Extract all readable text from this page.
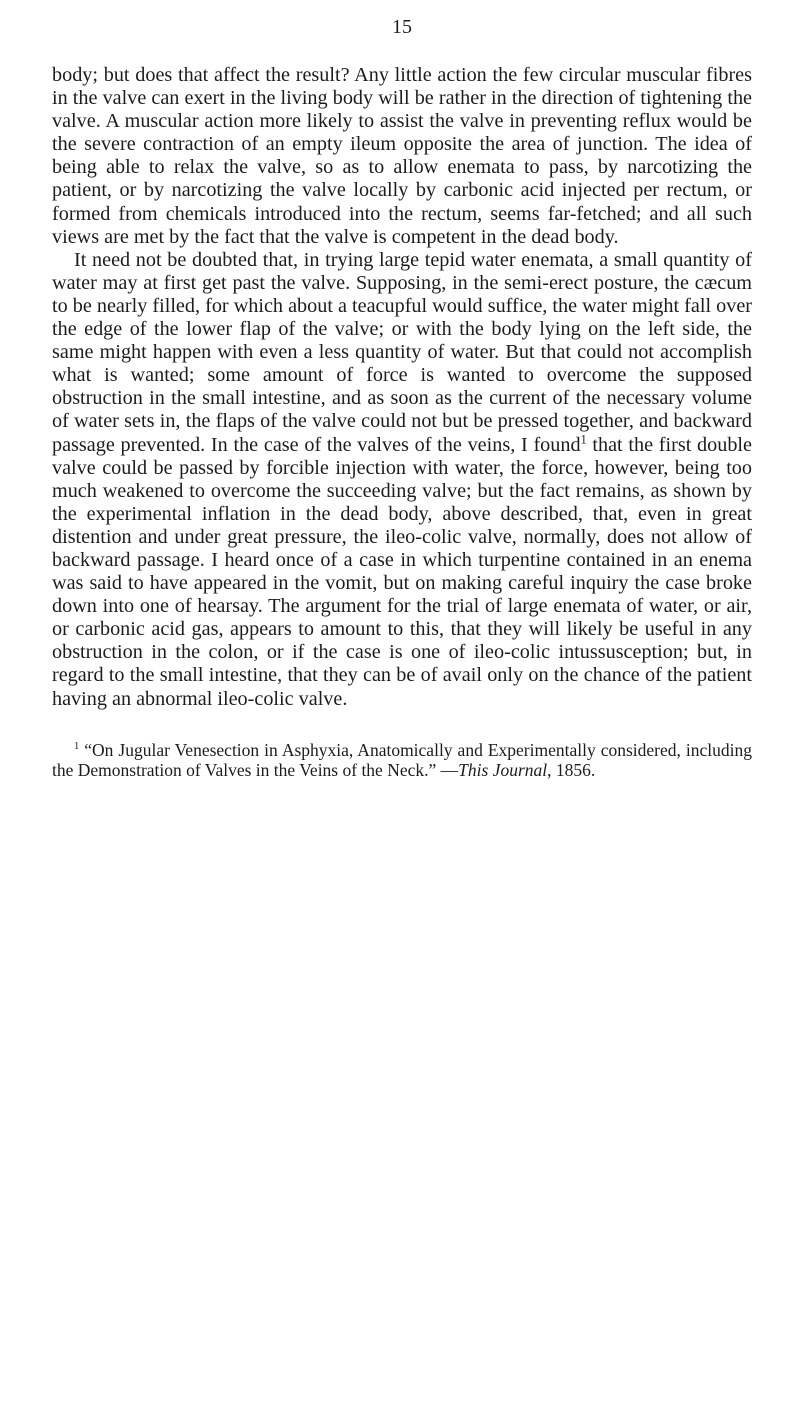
15

body; but does that affect the result? Any little action the few circular muscular fibres in the valve can exert in the living body will be rather in the direction of tightening the valve. A muscular action more likely to assist the valve in preventing reflux would be the severe contraction of an empty ileum opposite the area of junction. The idea of being able to relax the valve, so as to allow enemata to pass, by narcotizing the patient, or by narcotizing the valve locally by carbonic acid injected per rectum, or formed from chemicals introduced into the rectum, seems far-fetched; and all such views are met by the fact that the valve is competent in the dead body.

It need not be doubted that, in trying large tepid water enemata, a small quantity of water may at first get past the valve. Supposing, in the semi-erect posture, the cæcum to be nearly filled, for which about a teacupful would suffice, the water might fall over the edge of the lower flap of the valve; or with the body lying on the left side, the same might happen with even a less quantity of water. But that could not accomplish what is wanted; some amount of force is wanted to overcome the supposed obstruction in the small intestine, and as soon as the current of the necessary volume of water sets in, the flaps of the valve could not but be pressed together, and backward passage prevented. In the case of the valves of the veins, I found$^1$ that the first double valve could be passed by forcible injection with water, the force, however, being too much weakened to overcome the succeeding valve; but the fact remains, as shown by the experimental inflation in the dead body, above described, that, even in great distention and under great pressure, the ileo-colic valve, normally, does not allow of backward passage. I heard once of a case in which turpentine contained in an enema was said to have appeared in the vomit, but on making careful inquiry the case broke down into one of hearsay. The argument for the trial of large enemata of water, or air, or carbonic acid gas, appears to amount to this, that they will likely be useful in any obstruction in the colon, or if the case is one of ileo-colic intussusception; but, in regard to the small intestine, that they can be of avail only on the chance of the patient having an abnormal ileo-colic valve.

$^1$ “On Jugular Venesection in Asphyxia, Anatomically and Experimentally considered, including the Demonstration of Valves in the Veins of the Neck.” —This Journal, 1856.
